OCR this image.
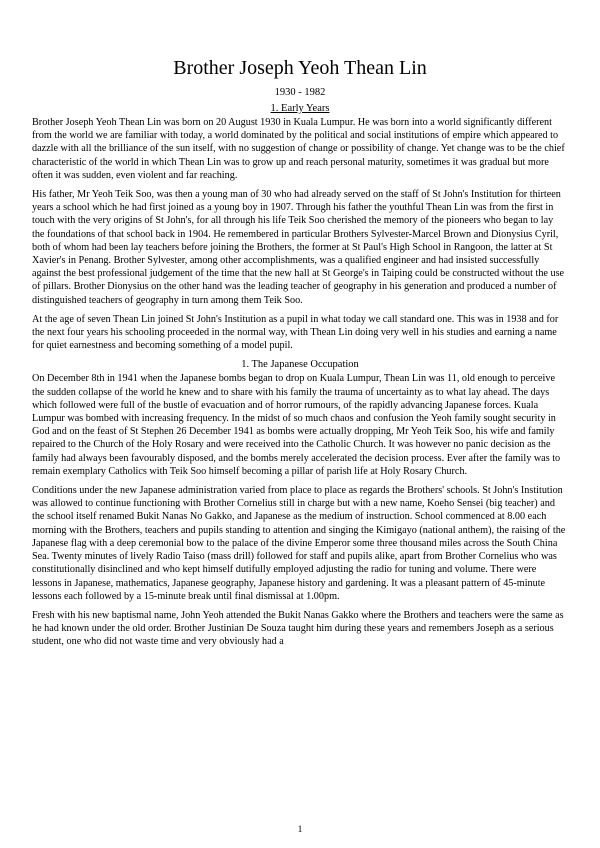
Brother Joseph Yeoh Thean Lin
1930 - 1982
1. Early Years

Brother Joseph Yeoh Thean Lin was born on 20 August 1930 in Kuala Lumpur. He was born into a world significantly different from the world we are familiar with today, a world dominated by the political and social institutions of empire which appeared to dazzle with all the brilliance of the sun itself, with no suggestion of change or possibility of change. Yet change was to be the chief characteristic of the world in which Thean Lin was to grow up and reach personal maturity, sometimes it was gradual but more often it was sudden, even violent and far reaching.

His father, Mr Yeoh Teik Soo, was then a young man of 30 who had already served on the staff of St John's Institution for thirteen years a school which he had first joined as a young boy in 1907. Through his father the youthful Thean Lin was from the first in touch with the very origins of St John's, for all through his life Teik Soo cherished the memory of the pioneers who began to lay the foundations of that school back in 1904. He remembered in particular Brothers Sylvester-Marcel Brown and Dionysius Cyril, both of whom had been lay teachers before joining the Brothers, the former at St Paul's High School in Rangoon, the latter at St Xavier's in Penang. Brother Sylvester, among other accomplishments, was a qualified engineer and had insisted successfully against the best professional judgement of the time that the new hall at St George's in Taiping could be constructed without the use of pillars. Brother Dionysius on the other hand was the leading teacher of geography in his generation and produced a number of distinguished teachers of geography in turn among them Teik Soo.

At the age of seven Thean Lin joined St John's Institution as a pupil in what today we call standard one. This was in 1938 and for the next four years his schooling proceeded in the normal way, with Thean Lin doing very well in his studies and earning a name for quiet earnestness and becoming something of a model pupil.

1. The Japanese Occupation

On December 8th in 1941 when the Japanese bombs began to drop on Kuala Lumpur, Thean Lin was 11, old enough to perceive the sudden collapse of the world he knew and to share with his family the trauma of uncertainty as to what lay ahead. The days which followed were full of the bustle of evacuation and of horror rumours, of the rapidly advancing Japanese forces. Kuala Lumpur was bombed with increasing frequency. In the midst of so much chaos and confusion the Yeoh family sought security in God and on the feast of St Stephen 26 December 1941 as bombs were actually dropping, Mr Yeoh Teik Soo, his wife and family repaired to the Church of the Holy Rosary and were received into the Catholic Church. It was however no panic decision as the family had always been favourably disposed, and the bombs merely accelerated the decision process. Ever after the family was to remain exemplary Catholics with Teik Soo himself becoming a pillar of parish life at Holy Rosary Church.

Conditions under the new Japanese administration varied from place to place as regards the Brothers' schools. St John's Institution was allowed to continue functioning with Brother Cornelius still in charge but with a new name, Koeho Sensei (big teacher) and the school itself renamed Bukit Nanas No Gakko, and Japanese as the medium of instruction. School commenced at 8.00 each morning with the Brothers, teachers and pupils standing to attention and singing the Kimigayo (national anthem), the raising of the Japanese flag with a deep ceremonial bow to the palace of the divine Emperor some three thousand miles across the South China Sea. Twenty minutes of lively Radio Taiso (mass drill) followed for staff and pupils alike, apart from Brother Cornelius who was constitutionally disinclined and who kept himself dutifully employed adjusting the radio for tuning and volume. There were lessons in Japanese, mathematics, Japanese geography, Japanese history and gardening. It was a pleasant pattern of 45-minute lessons each followed by a 15-minute break until final dismissal at 1.00pm.

Fresh with his new baptismal name, John Yeoh attended the Bukit Nanas Gakko where the Brothers and teachers were the same as he had known under the old order. Brother Justinian De Souza taught him during these years and remembers Joseph as a serious student, one who did not waste time and very obviously had a

1
